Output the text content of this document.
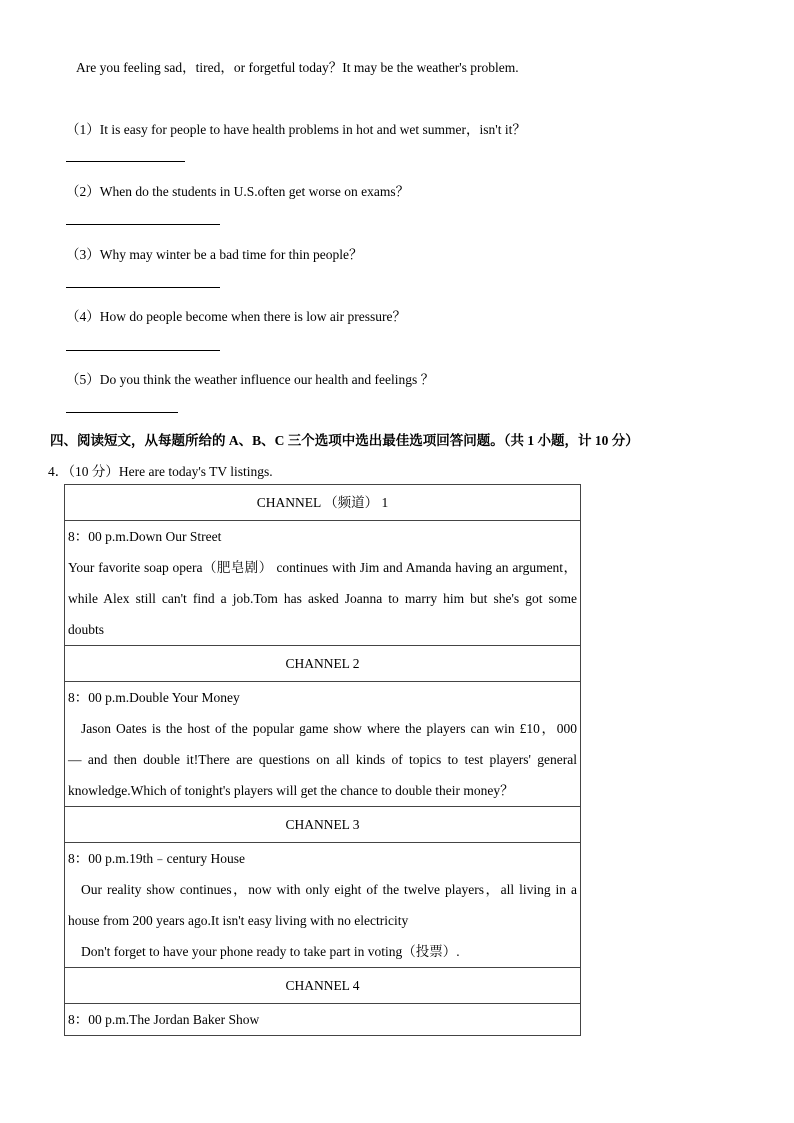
Are you feeling sad，tired，or forgetful today？It may be the weather's problem.
（1）It is easy for people to have health problems in hot and wet summer，isn't it？
（2）When do the students in U.S.often get worse on exams？
（3）Why may winter be a bad time for thin people？
（4）How do people become when there is low air pressure？
（5）Do you think the weather influence our health and feelings ？
四、阅读短文，从每题所给的 A、B、C 三个选项中选出最佳选项回答问题。（共 1 小题，计 10 分）
4．（10 分）Here are today's TV listings.
CHANNEL （频道） 1

8：00 p.m.Down Our Street

Your favorite soap opera（肥皂剧） continues with Jim and Amanda having an argument，

while Alex still can't find a job.Tom has asked Joanna to marry him but she's got some

doubts

CHANNEL 2

8：00 p.m.Double Your Money

Jason Oates is the host of the popular game show where the players can win £10，000

— and then double it!There are questions on all kinds of topics to test players' general

knowledge.Which of tonight's players will get the chance to double their money？

CHANNEL 3

8：00 p.m.19th﹣century House

Our reality show continues，now with only eight of the twelve players，all living in a

house from 200 years ago.It isn't easy living with no electricity

Don't forget to have your phone ready to take part in voting（投票）.

CHANNEL 4

8：00 p.m.The Jordan Baker Show
